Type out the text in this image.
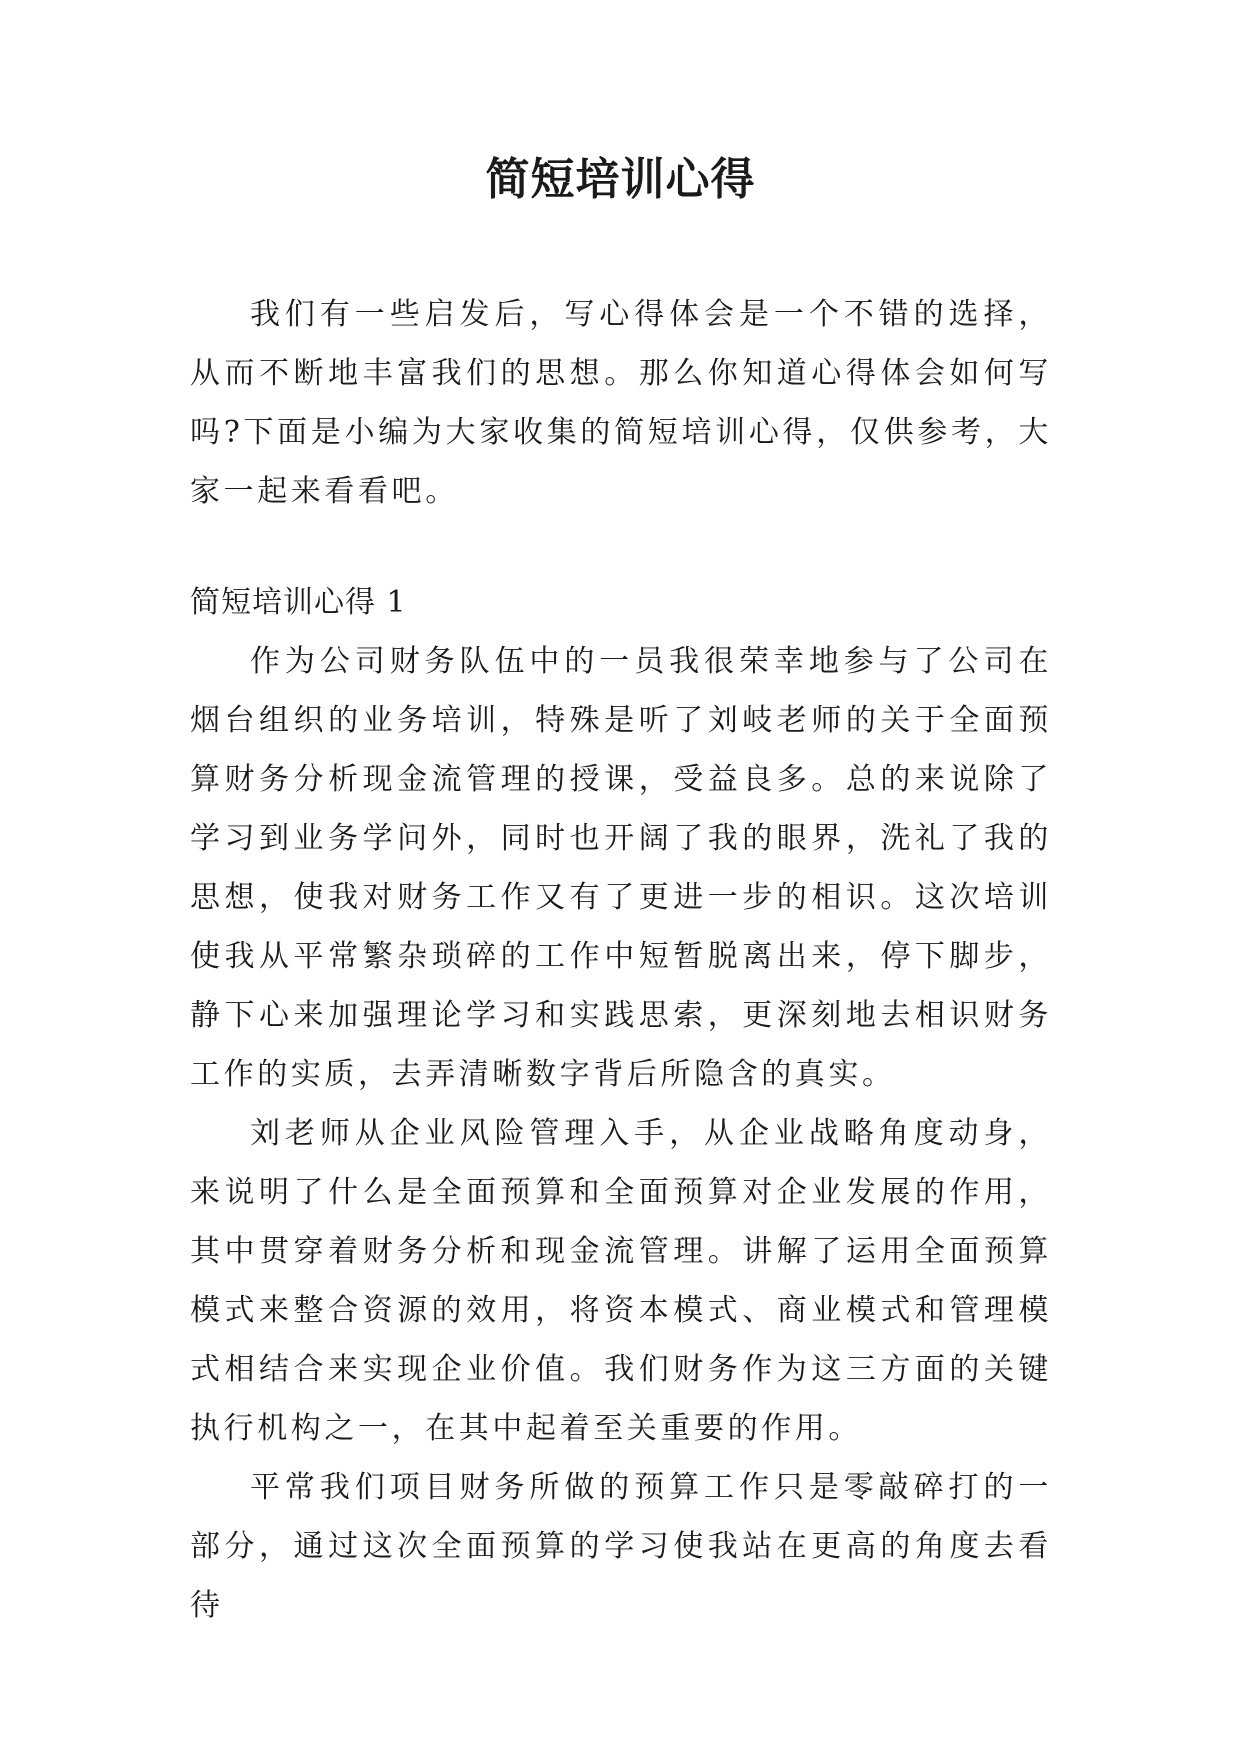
简短培训心得

我们有一些启发后，写心得体会是一个不错的选择，从而不断地丰富我们的思想。那么你知道心得体会如何写吗?下面是小编为大家收集的简短培训心得，仅供参考，大家一起来看看吧。

简短培训心得 1

作为公司财务队伍中的一员我很荣幸地参与了公司在烟台组织的业务培训，特殊是听了刘岐老师的关于全面预算财务分析现金流管理的授课，受益良多。总的来说除了学习到业务学问外，同时也开阔了我的眼界，洗礼了我的思想，使我对财务工作又有了更进一步的相识。这次培训使我从平常繁杂琐碎的工作中短暂脱离出来，停下脚步，静下心来加强理论学习和实践思索，更深刻地去相识财务工作的实质，去弄清晰数字背后所隐含的真实。

刘老师从企业风险管理入手，从企业战略角度动身，来说明了什么是全面预算和全面预算对企业发展的作用，其中贯穿着财务分析和现金流管理。讲解了运用全面预算模式来整合资源的效用，将资本模式、商业模式和管理模式相结合来实现企业价值。我们财务作为这三方面的关键执行机构之一，在其中起着至关重要的作用。

平常我们项目财务所做的预算工作只是零敲碎打的一部分，通过这次全面预算的学习使我站在更高的角度去看待
